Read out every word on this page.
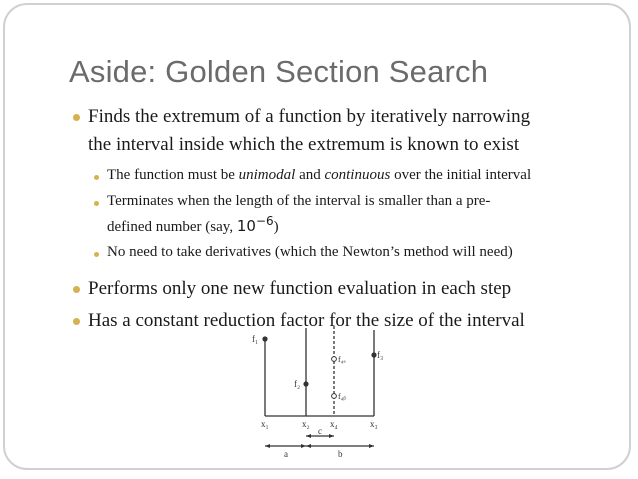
Aside: Golden Section Search
Finds the extremum of a function by iteratively narrowing
the interval inside which the extremum is known to exist
The function must be unimodal and continuous over the initial interval
Terminates when the length of the interval is smaller than a pre-
defined number (say, $10^{-6}$)
No need to take derivatives (which the Newton’s method will need)
Performs only one new function evaluation in each step
Has a constant reduction factor for the size of the interval
f₁
f₂
f₃
f₄ₐ
f₄ᵦ
x₁	x₂ x₄	x₃
c
a	b
